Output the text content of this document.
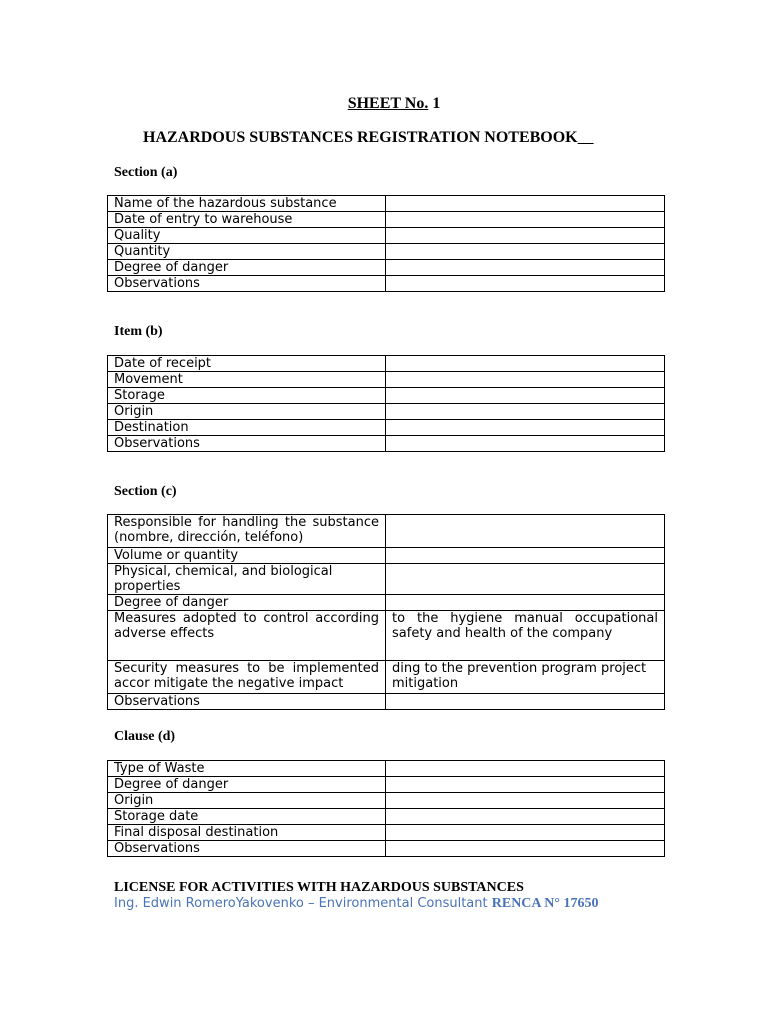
SHEET No. 1
HAZARDOUS SUBSTANCES REGISTRATION NOTEBOOK
Section (a)
Name of the hazardous substance	
Date of entry to warehouse	
Quality	
Quantity	
Degree of danger	
Observations	
Item (b)
Date of receipt	
Movement	
Storage	
Origin	
Destination	
Observations	
Section (c)
Responsible for handling the substance (nombre, dirección, teléfono)	
Volume or quantity	
Physical, chemical, and biological properties	
Degree of danger	
Measures adopted to control according adverse effects	to the hygiene manual occupational safety and health of the company
Security measures to be implemented accor mitigate the negative impact	ding to the prevention program project mitigation
Observations	
Clause (d)
Type of Waste	
Degree of danger	
Origin	
Storage date	
Final disposal destination	
Observations	
LICENSE FOR ACTIVITIES WITH HAZARDOUS SUBSTANCES
Ing. Edwin RomeroYakovenko – Environmental Consultant RENCA N° 17650
